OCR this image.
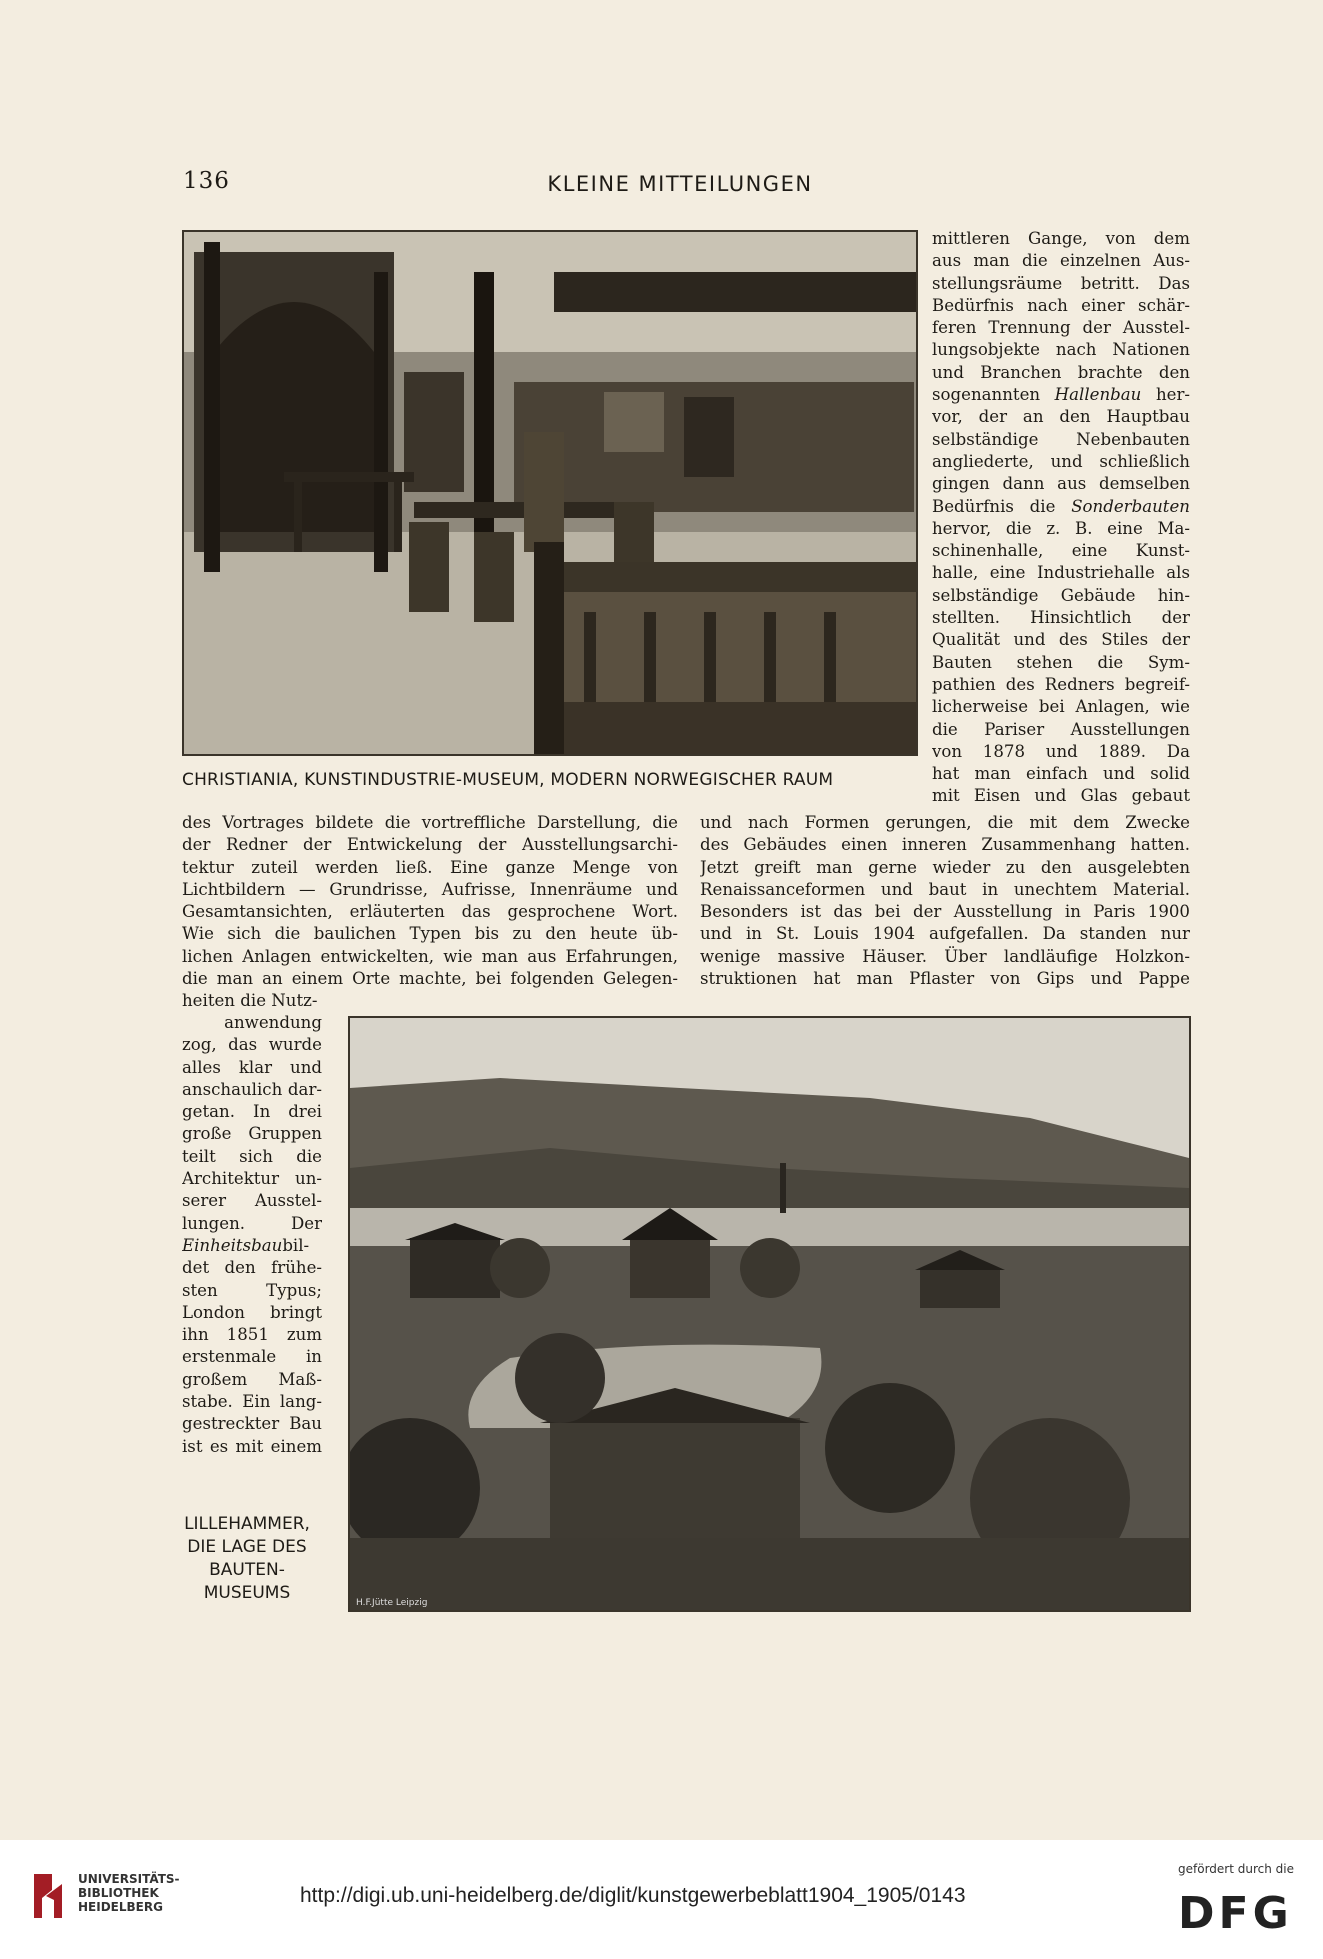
136	KLEINE MITTEILUNGEN
CHRISTIANIA, KUNSTINDUSTRIE-MUSEUM, MODERN NORWEGISCHER RAUM
mittleren Gange, von dem
aus man die einzelnen Aus-
stellungsräume betritt. Das
Bedürfnis nach einer schär-
feren Trennung der Ausstel-
lungsobjekte nach Nationen
und Branchen brachte den
sogenannten Hallenbau her-
vor, der an den Hauptbau
selbständige Nebenbauten
angliederte, und schließlich
gingen dann aus demselben
Bedürfnis die Sonderbauten
hervor, die z. B. eine Ma-
schinenhalle, eine Kunst-
halle, eine Industriehalle als
selbständige Gebäude hin-
stellten. Hinsichtlich der
Qualität und des Stiles der
Bauten stehen die Sym-
pathien des Redners begreif-
licherweise bei Anlagen, wie
die Pariser Ausstellungen
von 1878 und 1889. Da
hat man einfach und solid
mit Eisen und Glas gebaut
des Vortrages bildete die vortreffliche Darstellung, die
der Redner der Entwickelung der Ausstellungsarchi-
tektur zuteil werden ließ. Eine ganze Menge von
Lichtbildern — Grundrisse, Aufrisse, Innenräume und
Gesamtansichten, erläuterten das gesprochene Wort.
Wie sich die baulichen Typen bis zu den heute üb-
lichen Anlagen entwickelten, wie man aus Erfahrungen,
die man an einem Orte machte, bei folgenden Gelegen-
heiten die Nutz-
und nach Formen gerungen, die mit dem Zwecke
des Gebäudes einen inneren Zusammenhang hatten.
Jetzt greift man gerne wieder zu den ausgelebten
Renaissanceformen und baut in unechtem Material.
Besonders ist das bei der Ausstellung in Paris 1900
und in St. Louis 1904 aufgefallen. Da standen nur
wenige massive Häuser. Über landläufige Holzkon-
struktionen hat man Pflaster von Gips und Pappe
anwendung
zog, das wurde
alles klar und
anschaulich dar-
getan. In drei
große Gruppen
teilt sich die
Architektur un-
serer Ausstel-
lungen. Der
Einheitsbaubil-
det den frühe-
sten Typus;
London bringt
ihn 1851 zum
erstenmale in
großem Maß-
stabe. Ein lang-
gestreckter Bau
ist es mit einem
H.F.Jütte Leipzig
LILLEHAMMER,
DIE LAGE DES
BAUTEN-
MUSEUMS
UNIVERSITÄTS-
BIBLIOTHEK
HEIDELBERG	http://digi.ub.uni-heidelberg.de/diglit/kunstgewerbeblatt1904_1905/0143
gefördert durch die
DFG
